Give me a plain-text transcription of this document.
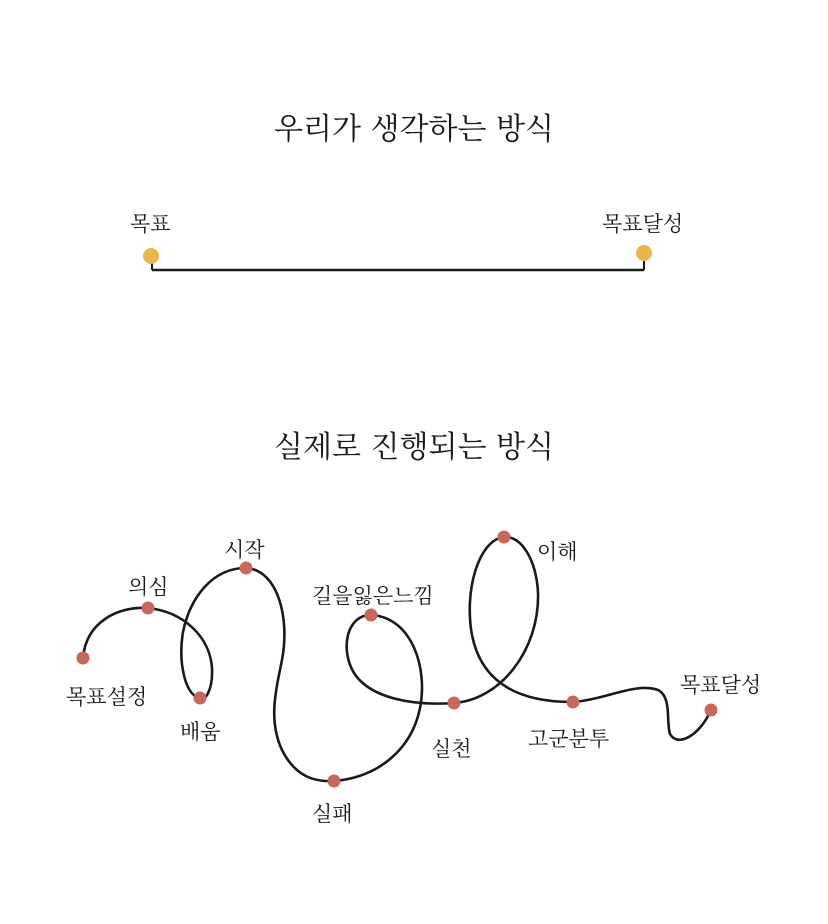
우리가 생각하는 방식
목표	목표달성
실제로 진행되는 방식
목표설정
의심
배움
시작
실패
길을잃은느낌
실천
이해
고군분투
목표달성
